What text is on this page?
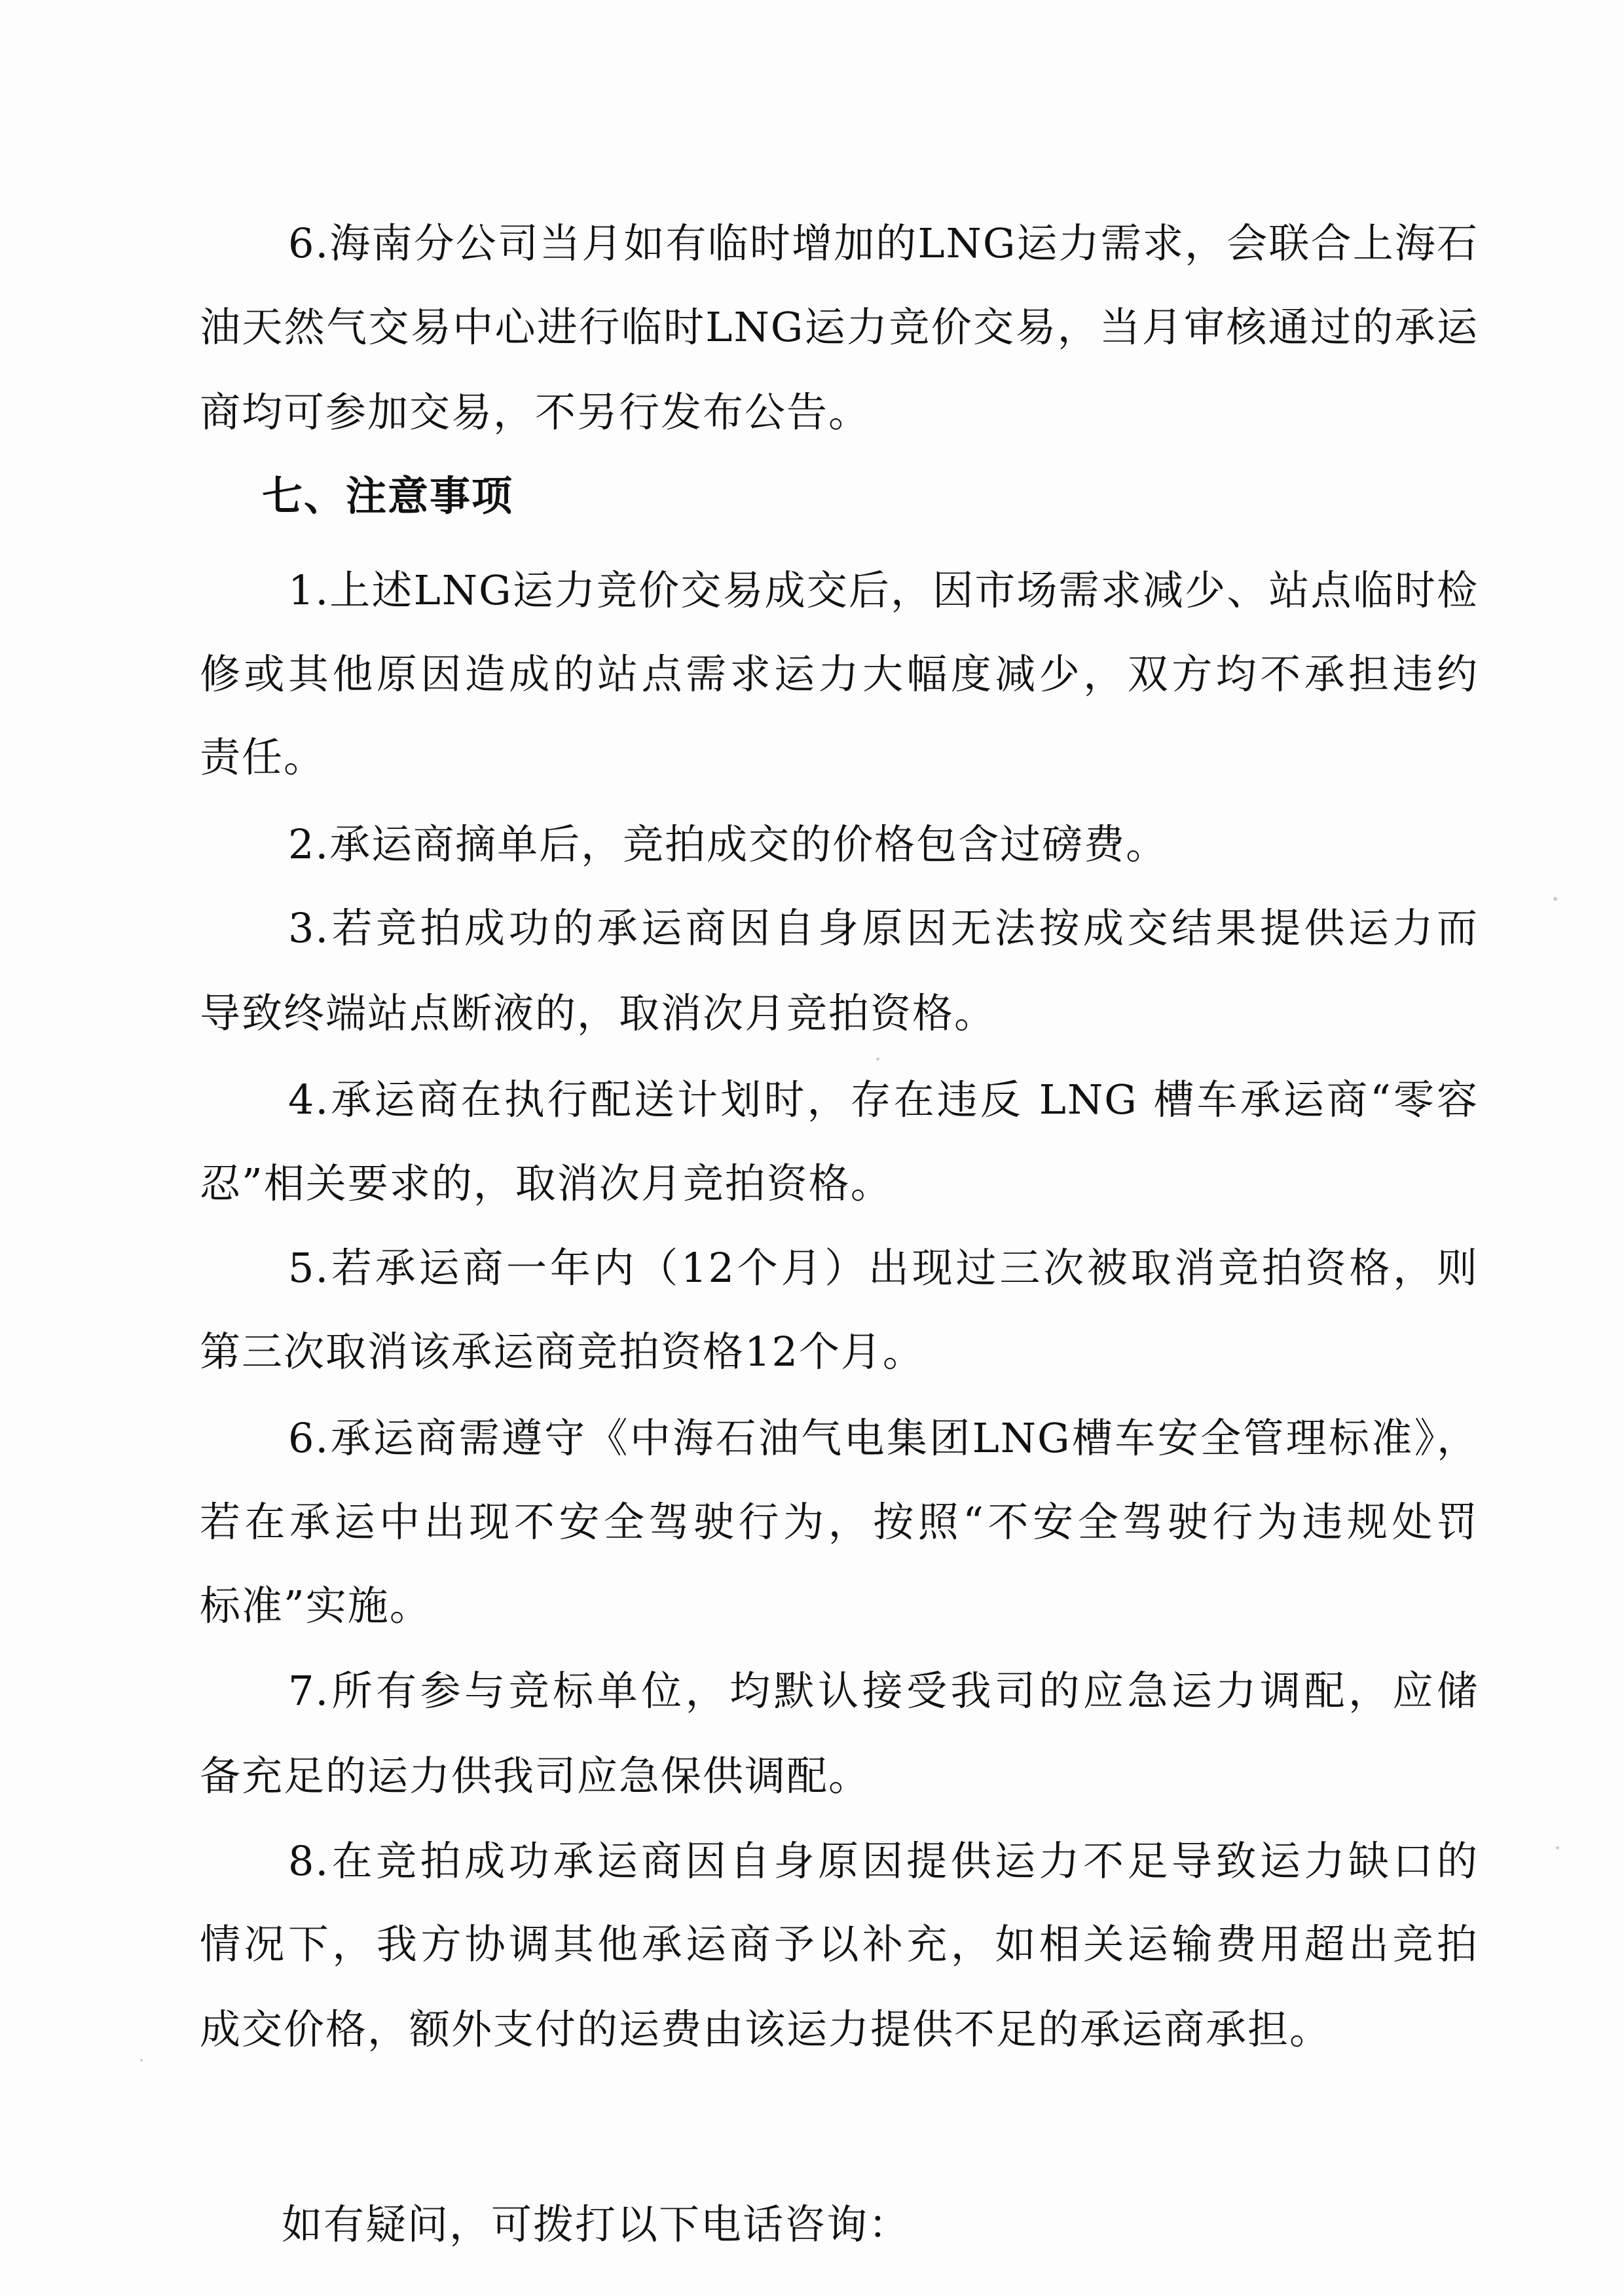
6.海南分公司当月如有临时增加的LNG运力需求，会联合上海石
油天然气交易中心进行临时LNG运力竞价交易，当月审核通过的承运
商均可参加交易，不另行发布公告。
七、注意事项
1.上述LNG运力竞价交易成交后，因市场需求减少、站点临时检
修或其他原因造成的站点需求运力大幅度减少，双方均不承担违约
责任。
2.承运商摘单后，竞拍成交的价格包含过磅费。
3.若竞拍成功的承运商因自身原因无法按成交结果提供运力而
导致终端站点断液的，取消次月竞拍资格。
4.承运商在执行配送计划时，存在违反 LNG 槽车承运商“零容
忍”相关要求的，取消次月竞拍资格。
5.若承运商一年内（12个月）出现过三次被取消竞拍资格，则
第三次取消该承运商竞拍资格12个月。
6.承运商需遵守《中海石油气电集团LNG槽车安全管理标准》，
若在承运中出现不安全驾驶行为，按照“不安全驾驶行为违规处罚
标准”实施。
7.所有参与竞标单位，均默认接受我司的应急运力调配，应储
备充足的运力供我司应急保供调配。
8.在竞拍成功承运商因自身原因提供运力不足导致运力缺口的
情况下，我方协调其他承运商予以补充，如相关运输费用超出竞拍
成交价格，额外支付的运费由该运力提供不足的承运商承担。
如有疑问，可拨打以下电话咨询：
